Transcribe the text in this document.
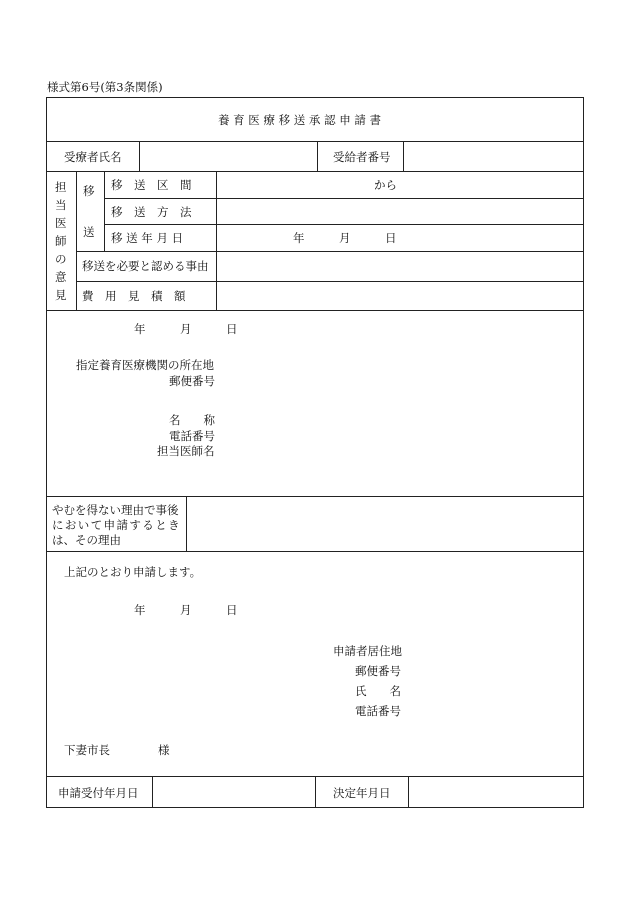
様式第6号(第3条関係)
養 育 医 療 移 送 承 認 申 請 書
受療者氏名	受給者番号
担
当
医
師
の
意
見
移
送
移　送　区　間	から
移　送　方　法
移 送 年 月 日	年　　　月　　　日
移送を必要と認める事由
費　用　見　積　額
年　　　月　　　日
指定養育医療機関の所在地
郵便番号
名　　称
電話番号
担当医師名
やむを得ない理由で事後
において申請するとき
は、その理由
上記のとおり申請します。
年　　　月　　　日
申請者居住地
郵便番号
氏　　名
電話番号
下妻市長	様
申請受付年月日	決定年月日
